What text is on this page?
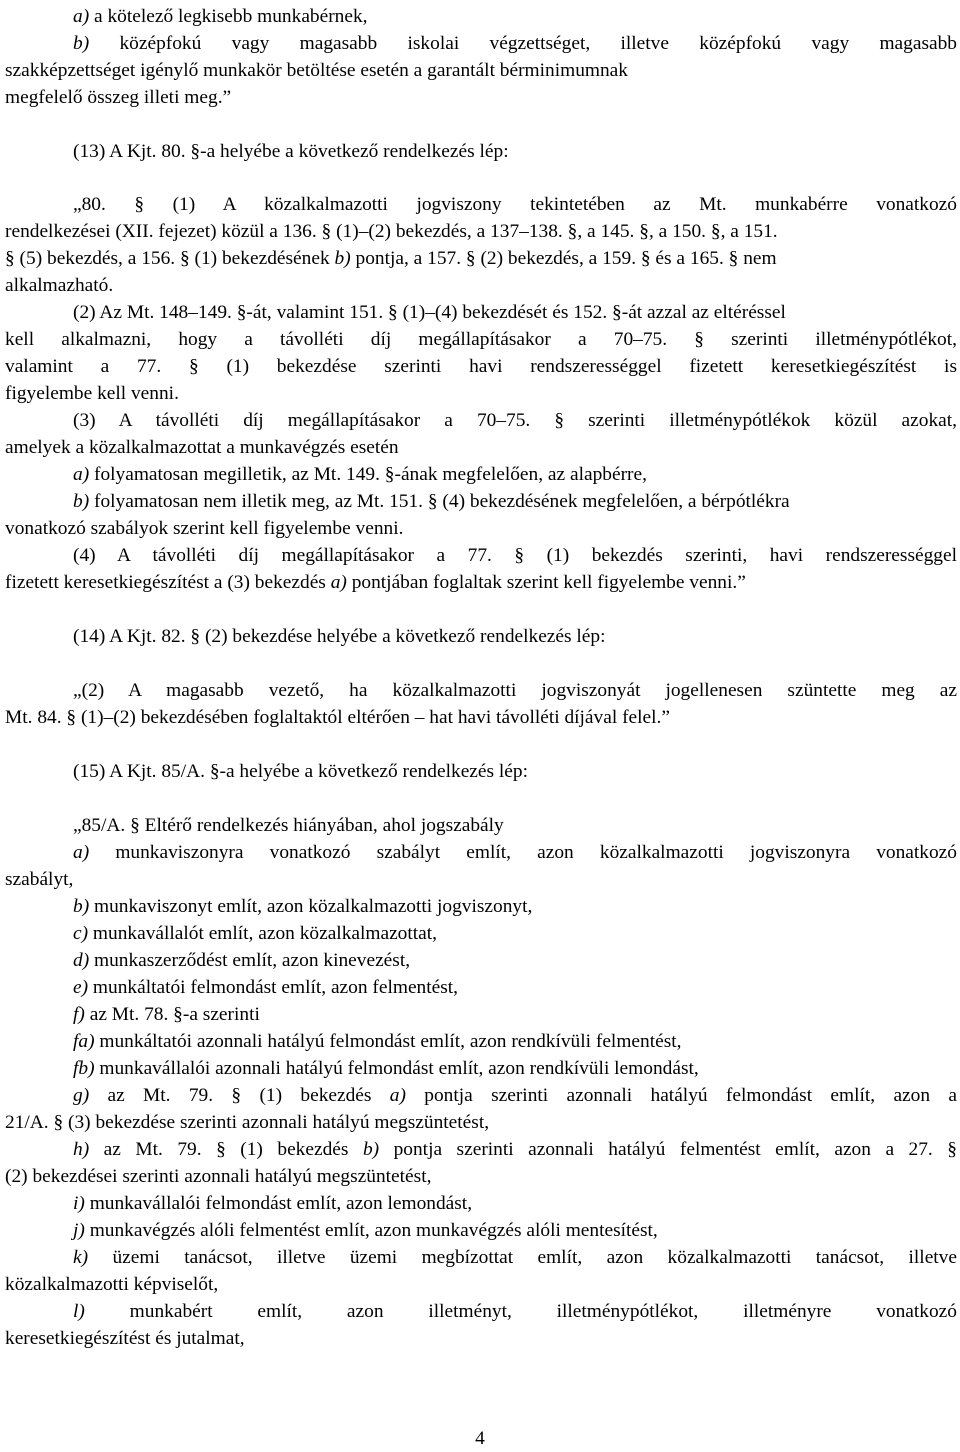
a) a kötelező legkisebb munkabérnek,
b) középfokú vagy magasabb iskolai végzettséget, illetve középfokú vagy magasabb
szakképzettséget igénylő munkakör betöltése esetén a garantált bérminimumnak
megfelelő összeg illeti meg.”
(13) A Kjt. 80. §-a helyébe a következő rendelkezés lép:
„80. § (1) A közalkalmazotti jogviszony tekintetében az Mt. munkabérre vonatkozó
rendelkezései (XII. fejezet) közül a 136. § (1)–(2) bekezdés, a 137–138. §, a 145. §, a 150. §, a 151.
§ (5) bekezdés, a 156. § (1) bekezdésének b) pontja, a 157. § (2) bekezdés, a 159. § és a 165. § nem
alkalmazható.
(2) Az Mt. 148–149. §-át, valamint 151. § (1)–(4) bekezdését és 152. §-át azzal az eltéréssel
kell alkalmazni, hogy a távolléti díj megállapításakor a 70–75. § szerinti illetménypótlékot,
valamint a 77. § (1) bekezdése szerinti havi rendszerességgel fizetett keresetkiegészítést is
figyelembe kell venni.
(3) A távolléti díj megállapításakor a 70–75. § szerinti illetménypótlékok közül azokat,
amelyek a közalkalmazottat a munkavégzés esetén
a) folyamatosan megilletik, az Mt. 149. §-ának megfelelően, az alapbérre,
b) folyamatosan nem illetik meg, az Mt. 151. § (4) bekezdésének megfelelően, a bérpótlékra
vonatkozó szabályok szerint kell figyelembe venni.
(4) A távolléti díj megállapításakor a 77. § (1) bekezdés szerinti, havi rendszerességgel
fizetett keresetkiegészítést a (3) bekezdés a) pontjában foglaltak szerint kell figyelembe venni.”
(14) A Kjt. 82. § (2) bekezdése helyébe a következő rendelkezés lép:
„(2) A magasabb vezető, ha közalkalmazotti jogviszonyát jogellenesen szüntette meg az
Mt. 84. § (1)–(2) bekezdésében foglaltaktól eltérően – hat havi távolléti díjával felel.”
(15) A Kjt. 85/A. §-a helyébe a következő rendelkezés lép:
„85/A. § Eltérő rendelkezés hiányában, ahol jogszabály
a) munkaviszonyra vonatkozó szabályt említ, azon közalkalmazotti jogviszonyra vonatkozó
szabályt,
b) munkaviszonyt említ, azon közalkalmazotti jogviszonyt,
c) munkavállalót említ, azon közalkalmazottat,
d) munkaszerződést említ, azon kinevezést,
e) munkáltatói felmondást említ, azon felmentést,
f) az Mt. 78. §-a szerinti
fa) munkáltatói azonnali hatályú felmondást említ, azon rendkívüli felmentést,
fb) munkavállalói azonnali hatályú felmondást említ, azon rendkívüli lemondást,
g) az Mt. 79. § (1) bekezdés a) pontja szerinti azonnali hatályú felmondást említ, azon a
21/A. § (3) bekezdése szerinti azonnali hatályú megszüntetést,
h) az Mt. 79. § (1) bekezdés b) pontja szerinti azonnali hatályú felmentést említ, azon a 27. §
(2) bekezdései szerinti azonnali hatályú megszüntetést,
i) munkavállalói felmondást említ, azon lemondást,
j) munkavégzés alóli felmentést említ, azon munkavégzés alóli mentesítést,
k) üzemi tanácsot, illetve üzemi megbízottat említ, azon közalkalmazotti tanácsot, illetve
közalkalmazotti képviselőt,
l) munkabért említ, azon illetményt, illetménypótlékot, illetményre vonatkozó
keresetkiegészítést és jutalmat,
4
